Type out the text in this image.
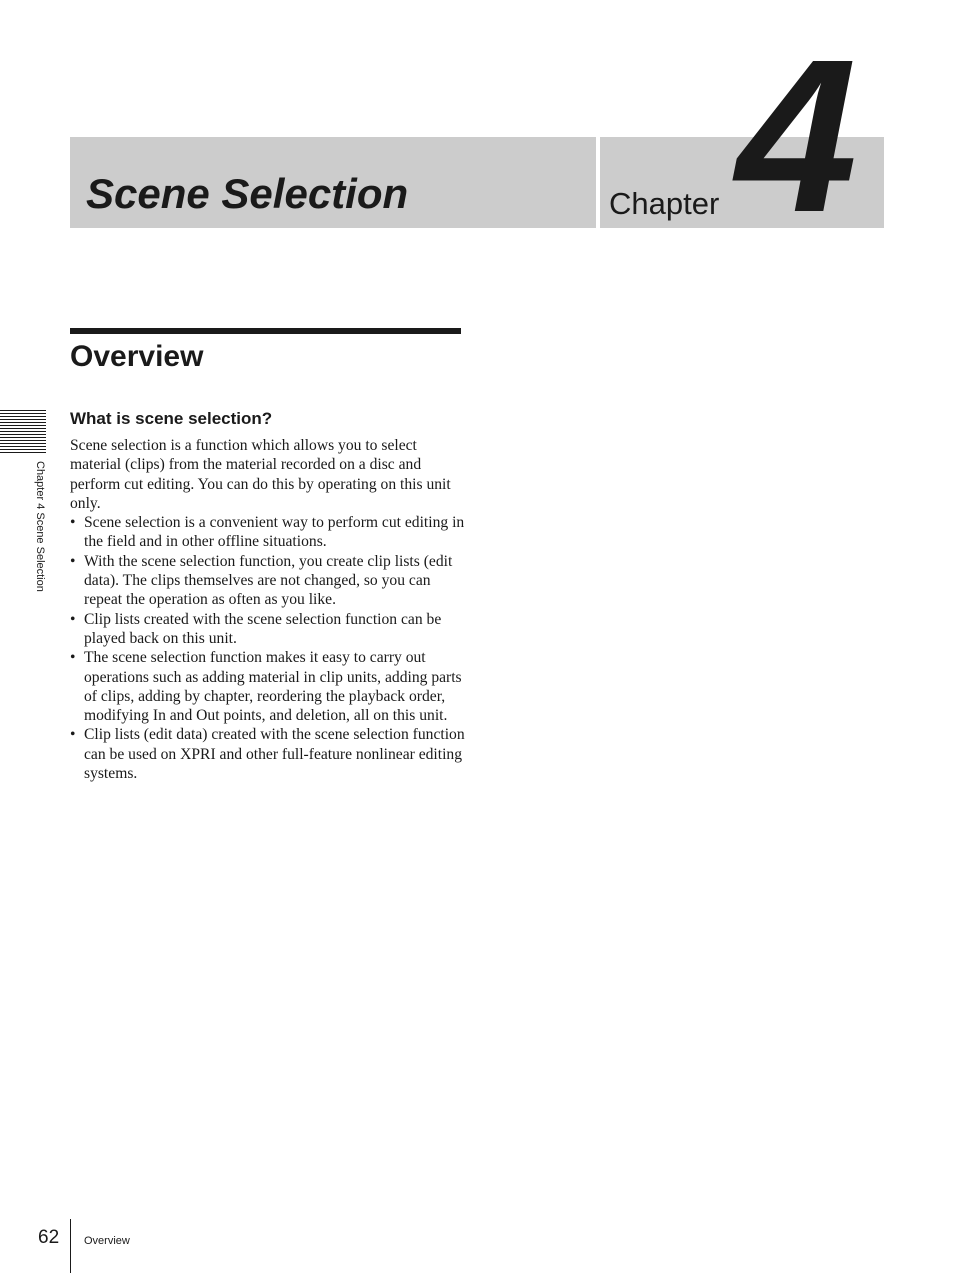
Scene Selection	Chapter 4
Overview
What is scene selection?

Scene selection is a function which allows you to select material (clips) from the material recorded on a disc and perform cut editing. You can do this by operating on this unit only.

• Scene selection is a convenient way to perform cut editing in the field and in other offline situations.
• With the scene selection function, you create clip lists (edit data). The clips themselves are not changed, so you can repeat the operation as often as you like.
• Clip lists created with the scene selection function can be played back on this unit.
• The scene selection function makes it easy to carry out operations such as adding material in clip units, adding parts of clips, adding by chapter, reordering the playback order, modifying In and Out points, and deletion, all on this unit.
• Clip lists (edit data) created with the scene selection function can be used on XPRI and other full-feature nonlinear editing systems.
Chapter 4 Scene Selection
62 Overview
